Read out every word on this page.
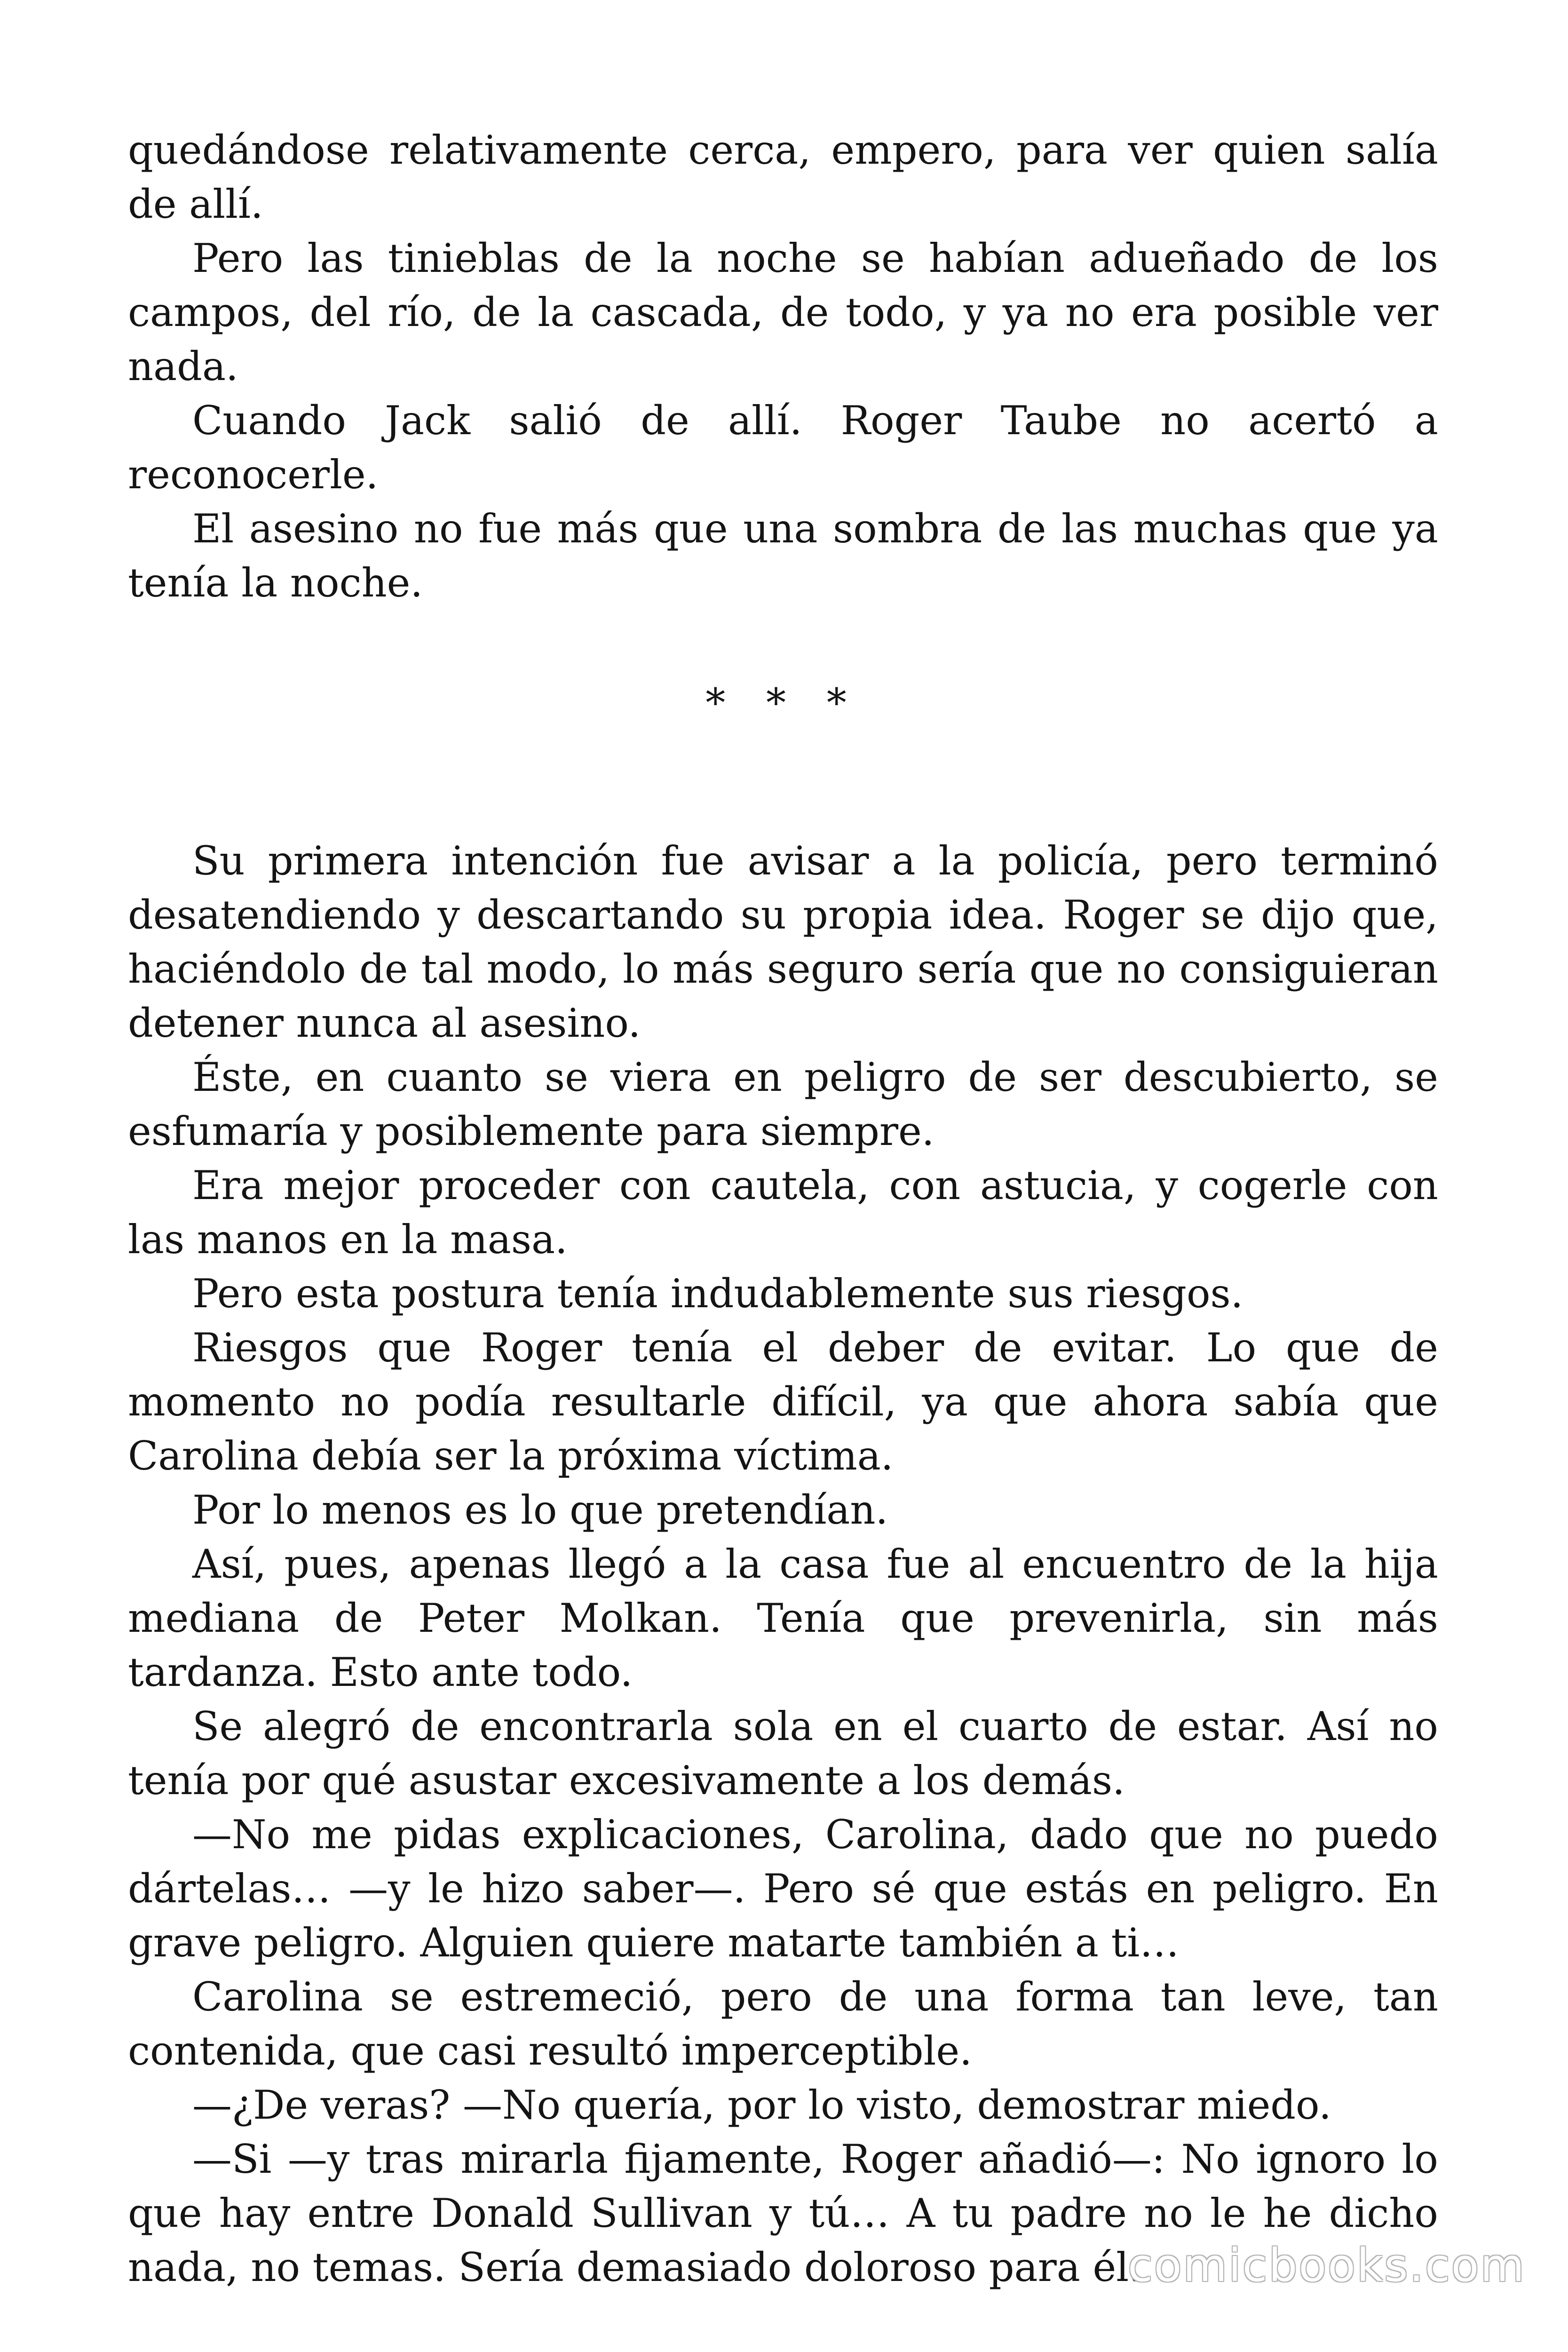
quedándose relativamente cerca, empero, para ver quien salía de allí.

Pero las tinieblas de la noche se habían adueñado de los campos, del río, de la cascada, de todo, y ya no era posible ver nada.

Cuando Jack salió de allí. Roger Taube no acertó a reconocerle.

El asesino no fue más que una sombra de las muchas que ya tenía la noche.

* * *

Su primera intención fue avisar a la policía, pero terminó desatendiendo y descartando su propia idea. Roger se dijo que, haciéndolo de tal modo, lo más seguro sería que no consiguieran detener nunca al asesino.

Éste, en cuanto se viera en peligro de ser descubierto, se esfumaría y posiblemente para siempre.

Era mejor proceder con cautela, con astucia, y cogerle con las manos en la masa.

Pero esta postura tenía indudablemente sus riesgos.

Riesgos que Roger tenía el deber de evitar. Lo que de momento no podía resultarle difícil, ya que ahora sabía que Carolina debía ser la próxima víctima.

Por lo menos es lo que pretendían.

Así, pues, apenas llegó a la casa fue al encuentro de la hija mediana de Peter Molkan. Tenía que prevenirla, sin más tardanza. Esto ante todo.

Se alegró de encontrarla sola en el cuarto de estar. Así no tenía por qué asustar excesivamente a los demás.

—No me pidas explicaciones, Carolina, dado que no puedo dártelas… —y le hizo saber—. Pero sé que estás en peligro. En grave peligro. Alguien quiere matarte también a ti…

Carolina se estremeció, pero de una forma tan leve, tan contenida, que casi resultó imperceptible.

—¿De veras? —No quería, por lo visto, demostrar miedo.

—Si —y tras mirarla fijamente, Roger añadió—: No ignoro lo que hay entre Donald Sullivan y tú… A tu padre no le he dicho nada, no temas. Sería demasiado doloroso para él.

comicbooks.com
